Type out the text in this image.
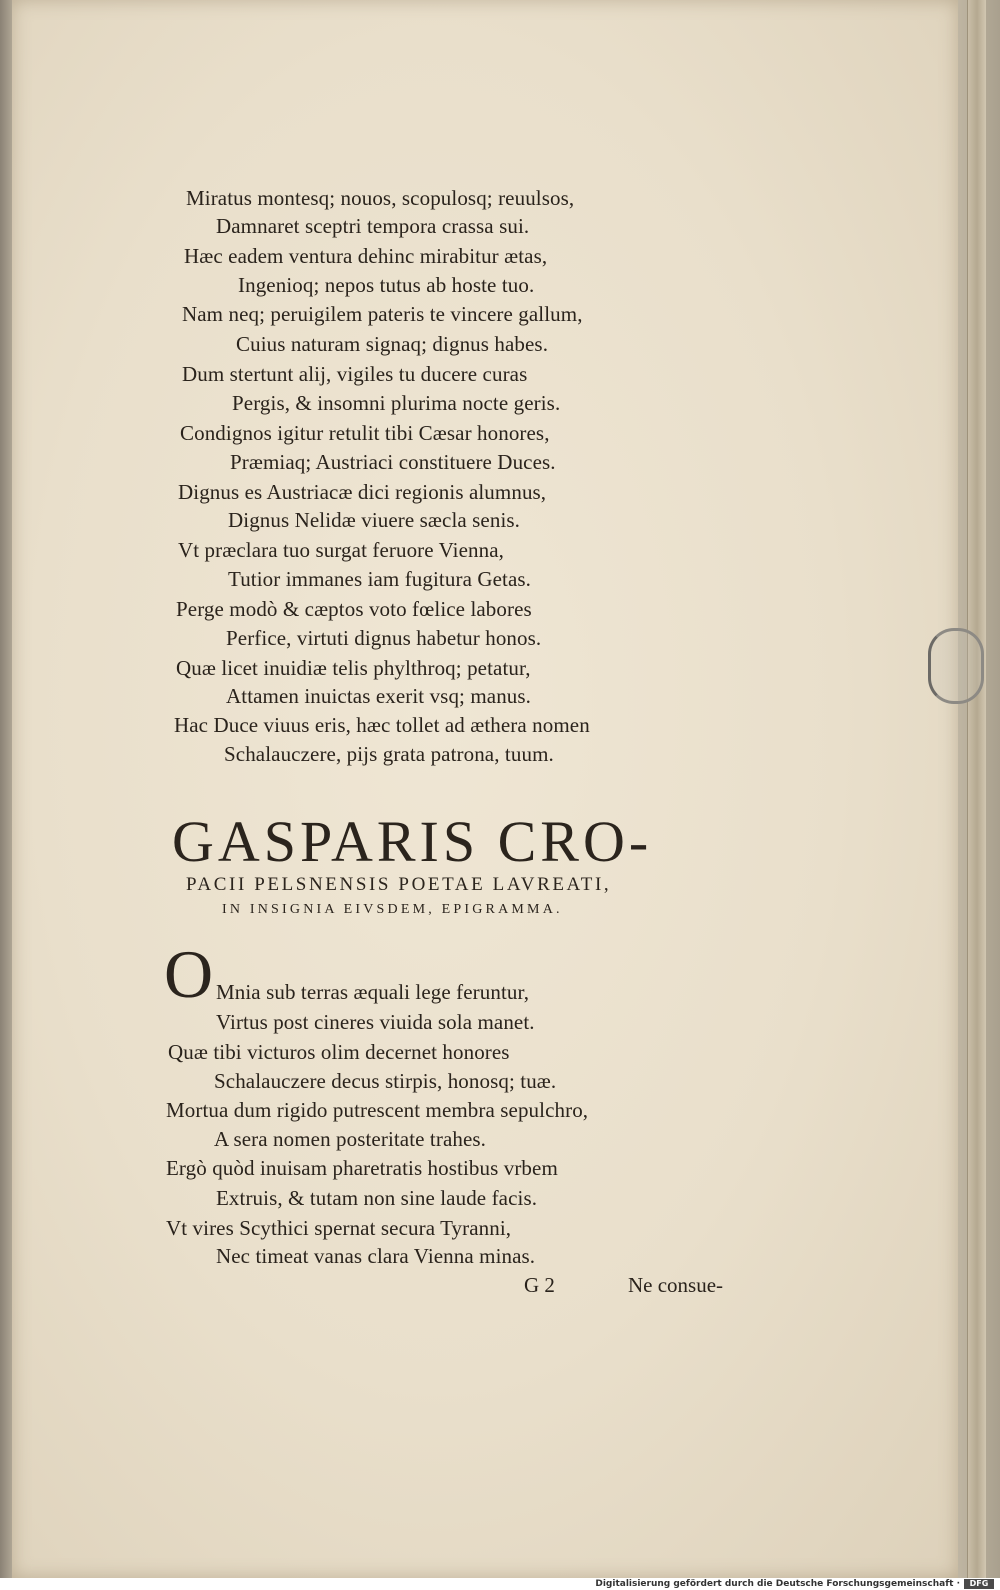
Miratus montesq; nouos, scopulosq; reuulsos,
Damnaret sceptri tempora crassa sui.
Hæc eadem ventura dehinc mirabitur ætas,
Ingenioq; nepos tutus ab hoste tuo.
Nam neq; peruigilem pateris te vincere gallum,
Cuius naturam signaq; dignus habes.
Dum stertunt alij, vigiles tu ducere curas
Pergis, & insomni plurima nocte geris.
Condignos igitur retulit tibi Cæsar honores,
Præmiaq; Austriaci constituere Duces.
Dignus es Austriacæ dici regionis alumnus,
Dignus Nelidæ viuere sæcla senis.
Vt præclara tuo surgat feruore Vienna,
Tutior immanes iam fugitura Getas.
Perge modò & cæptos voto fœlice labores
Perfice, virtuti dignus habetur honos.
Quæ licet inuidiæ telis phylthroq; petatur,
Attamen inuictas exerit vsq; manus.
Hac Duce viuus eris, hæc tollet ad æthera nomen
Schalauczere, pijs grata patrona, tuum.
GASPARIS CRO-
PACII PELSNENSIS POETAE LAVREATI,
IN INSIGNIA EIVSDEM, EPIGRAMMA.
O Mnia sub terras æquali lege feruntur,
Virtus post cineres viuida sola manet.
Quæ tibi victuros olim decernet honores
Schalauczere decus stirpis, honosq; tuæ.
Mortua dum rigido putrescent membra sepulchro,
A sera nomen posteritate trahes.
Ergò quòd inuisam pharetratis hostibus vrbem
Extruis, & tutam non sine laude facis.
Vt vires Scythici spernat secura Tyranni,
Nec timeat vanas clara Vienna minas.
G 2	Ne consue-
Digitalisierung gefördert durch die Deutsche Forschungsgemeinschaft ·	DFG
